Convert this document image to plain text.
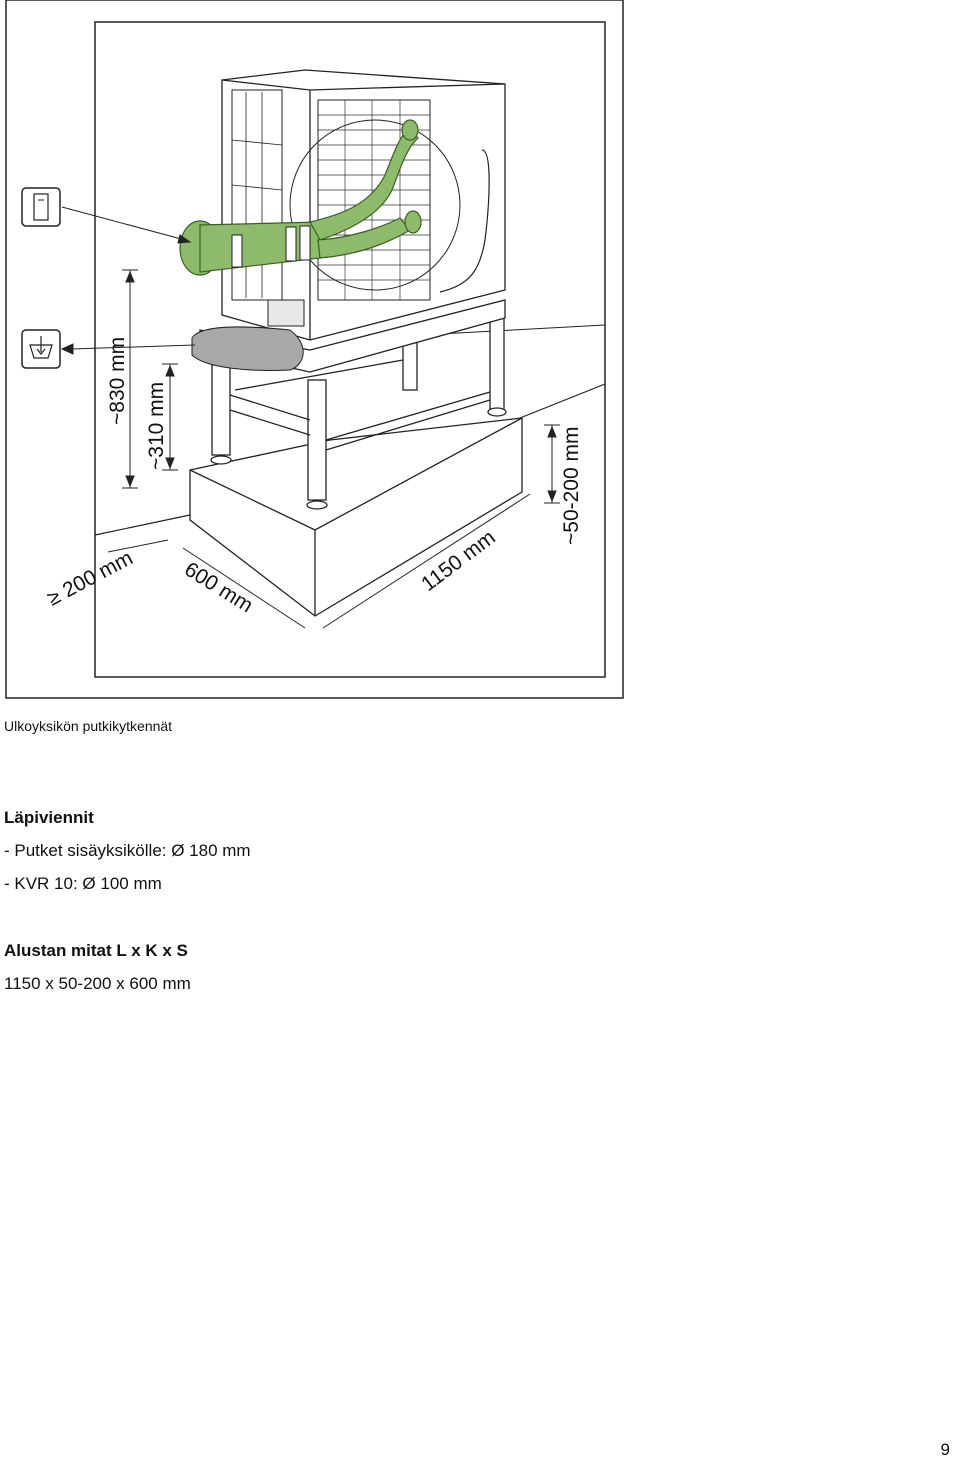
~830 mm
~310 mm
~50-200 mm
≥ 200 mm 600 mm	1150 mm
Ulkoyksikön putkikytkennät
Läpiviennit
- Putket sisäyksikölle: Ø 180 mm
- KVR 10: Ø 100 mm
Alustan mitat L x K x S
1150 x 50-200 x 600 mm
9
